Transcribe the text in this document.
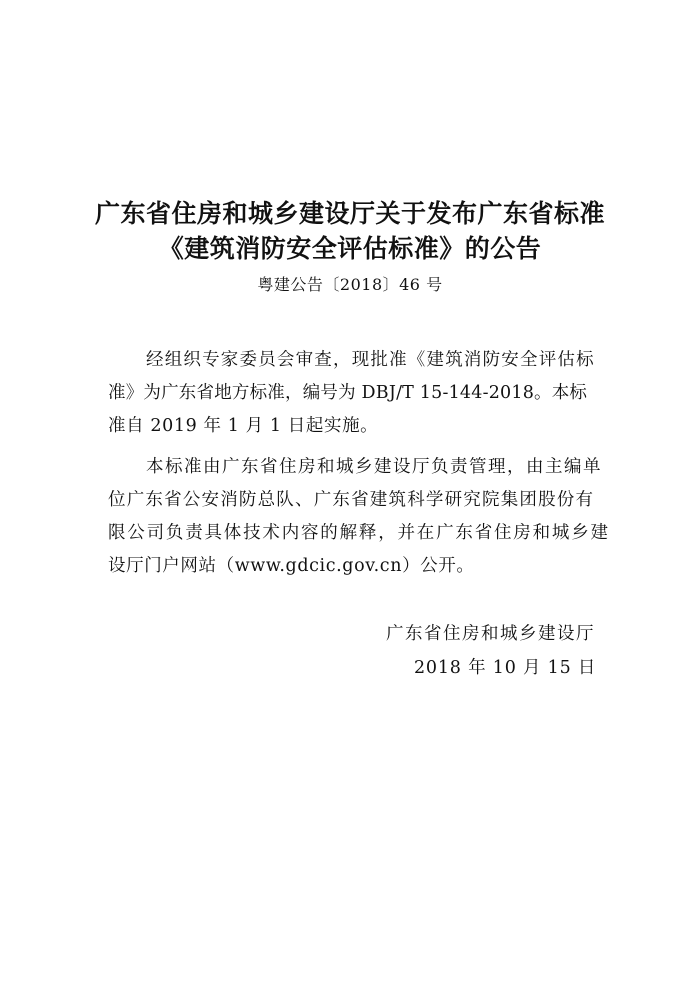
广东省住房和城乡建设厅关于发布广东省标准
《建筑消防安全评估标准》的公告
粤建公告〔2018〕46 号
经组织专家委员会审查，现批准《建筑消防安全评估标
准》为广东省地方标准，编号为 DBJ/T 15-144-2018。本标
准自 2019 年 1 月 1 日起实施。
本标准由广东省住房和城乡建设厅负责管理，由主编单
位广东省公安消防总队、广东省建筑科学研究院集团股份有
限公司负责具体技术内容的解释，并在广东省住房和城乡建
设厅门户网站（www.gdcic.gov.cn）公开。
广东省住房和城乡建设厅
2018 年 10 月 15 日
